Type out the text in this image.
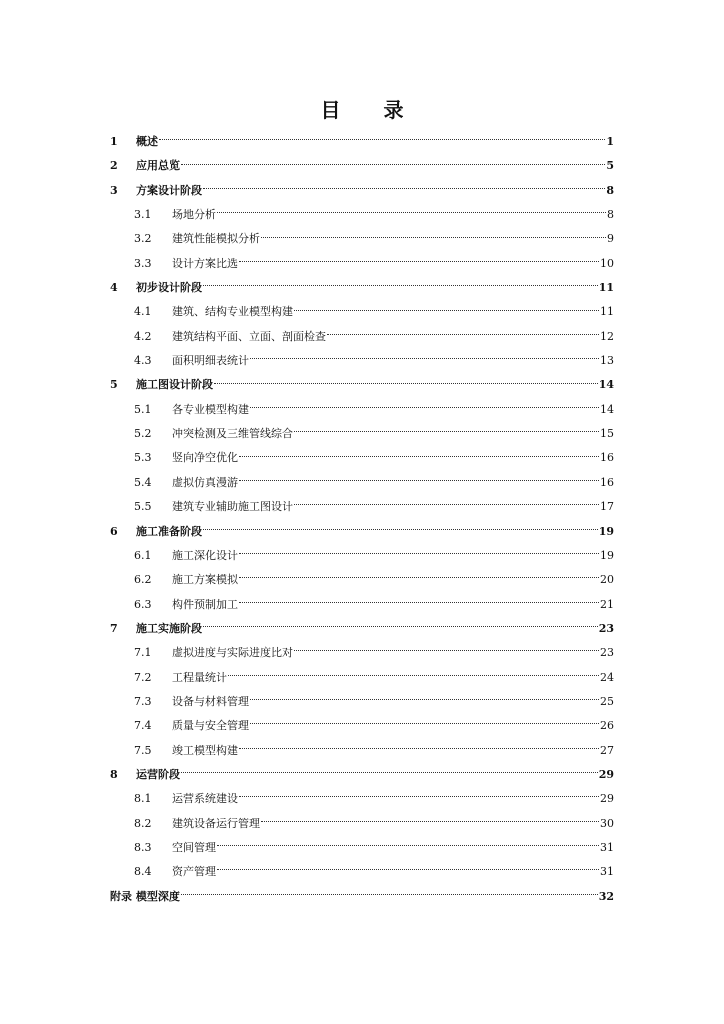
目 录
1	概述	1
2	应用总览	5
3	方案设计阶段	8
3.1	场地分析	8
3.2	建筑性能模拟分析	9
3.3	设计方案比选	10
4	初步设计阶段	11
4.1	建筑、结构专业模型构建	11
4.2	建筑结构平面、立面、剖面检查	12
4.3	面积明细表统计	13
5	施工图设计阶段	14
5.1	各专业模型构建	14
5.2	冲突检测及三维管线综合	15
5.3	竖向净空优化	16
5.4	虚拟仿真漫游	16
5.5	建筑专业辅助施工图设计	17
6	施工准备阶段	19
6.1	施工深化设计	19
6.2	施工方案模拟	20
6.3	构件预制加工	21
7	施工实施阶段	23
7.1	虚拟进度与实际进度比对	23
7.2	工程量统计	24
7.3	设备与材料管理	25
7.4	质量与安全管理	26
7.5	竣工模型构建	27
8	运营阶段	29
8.1	运营系统建设	29
8.2	建筑设备运行管理	30
8.3	空间管理	31
8.4	资产管理	31
附录 模型深度	32
